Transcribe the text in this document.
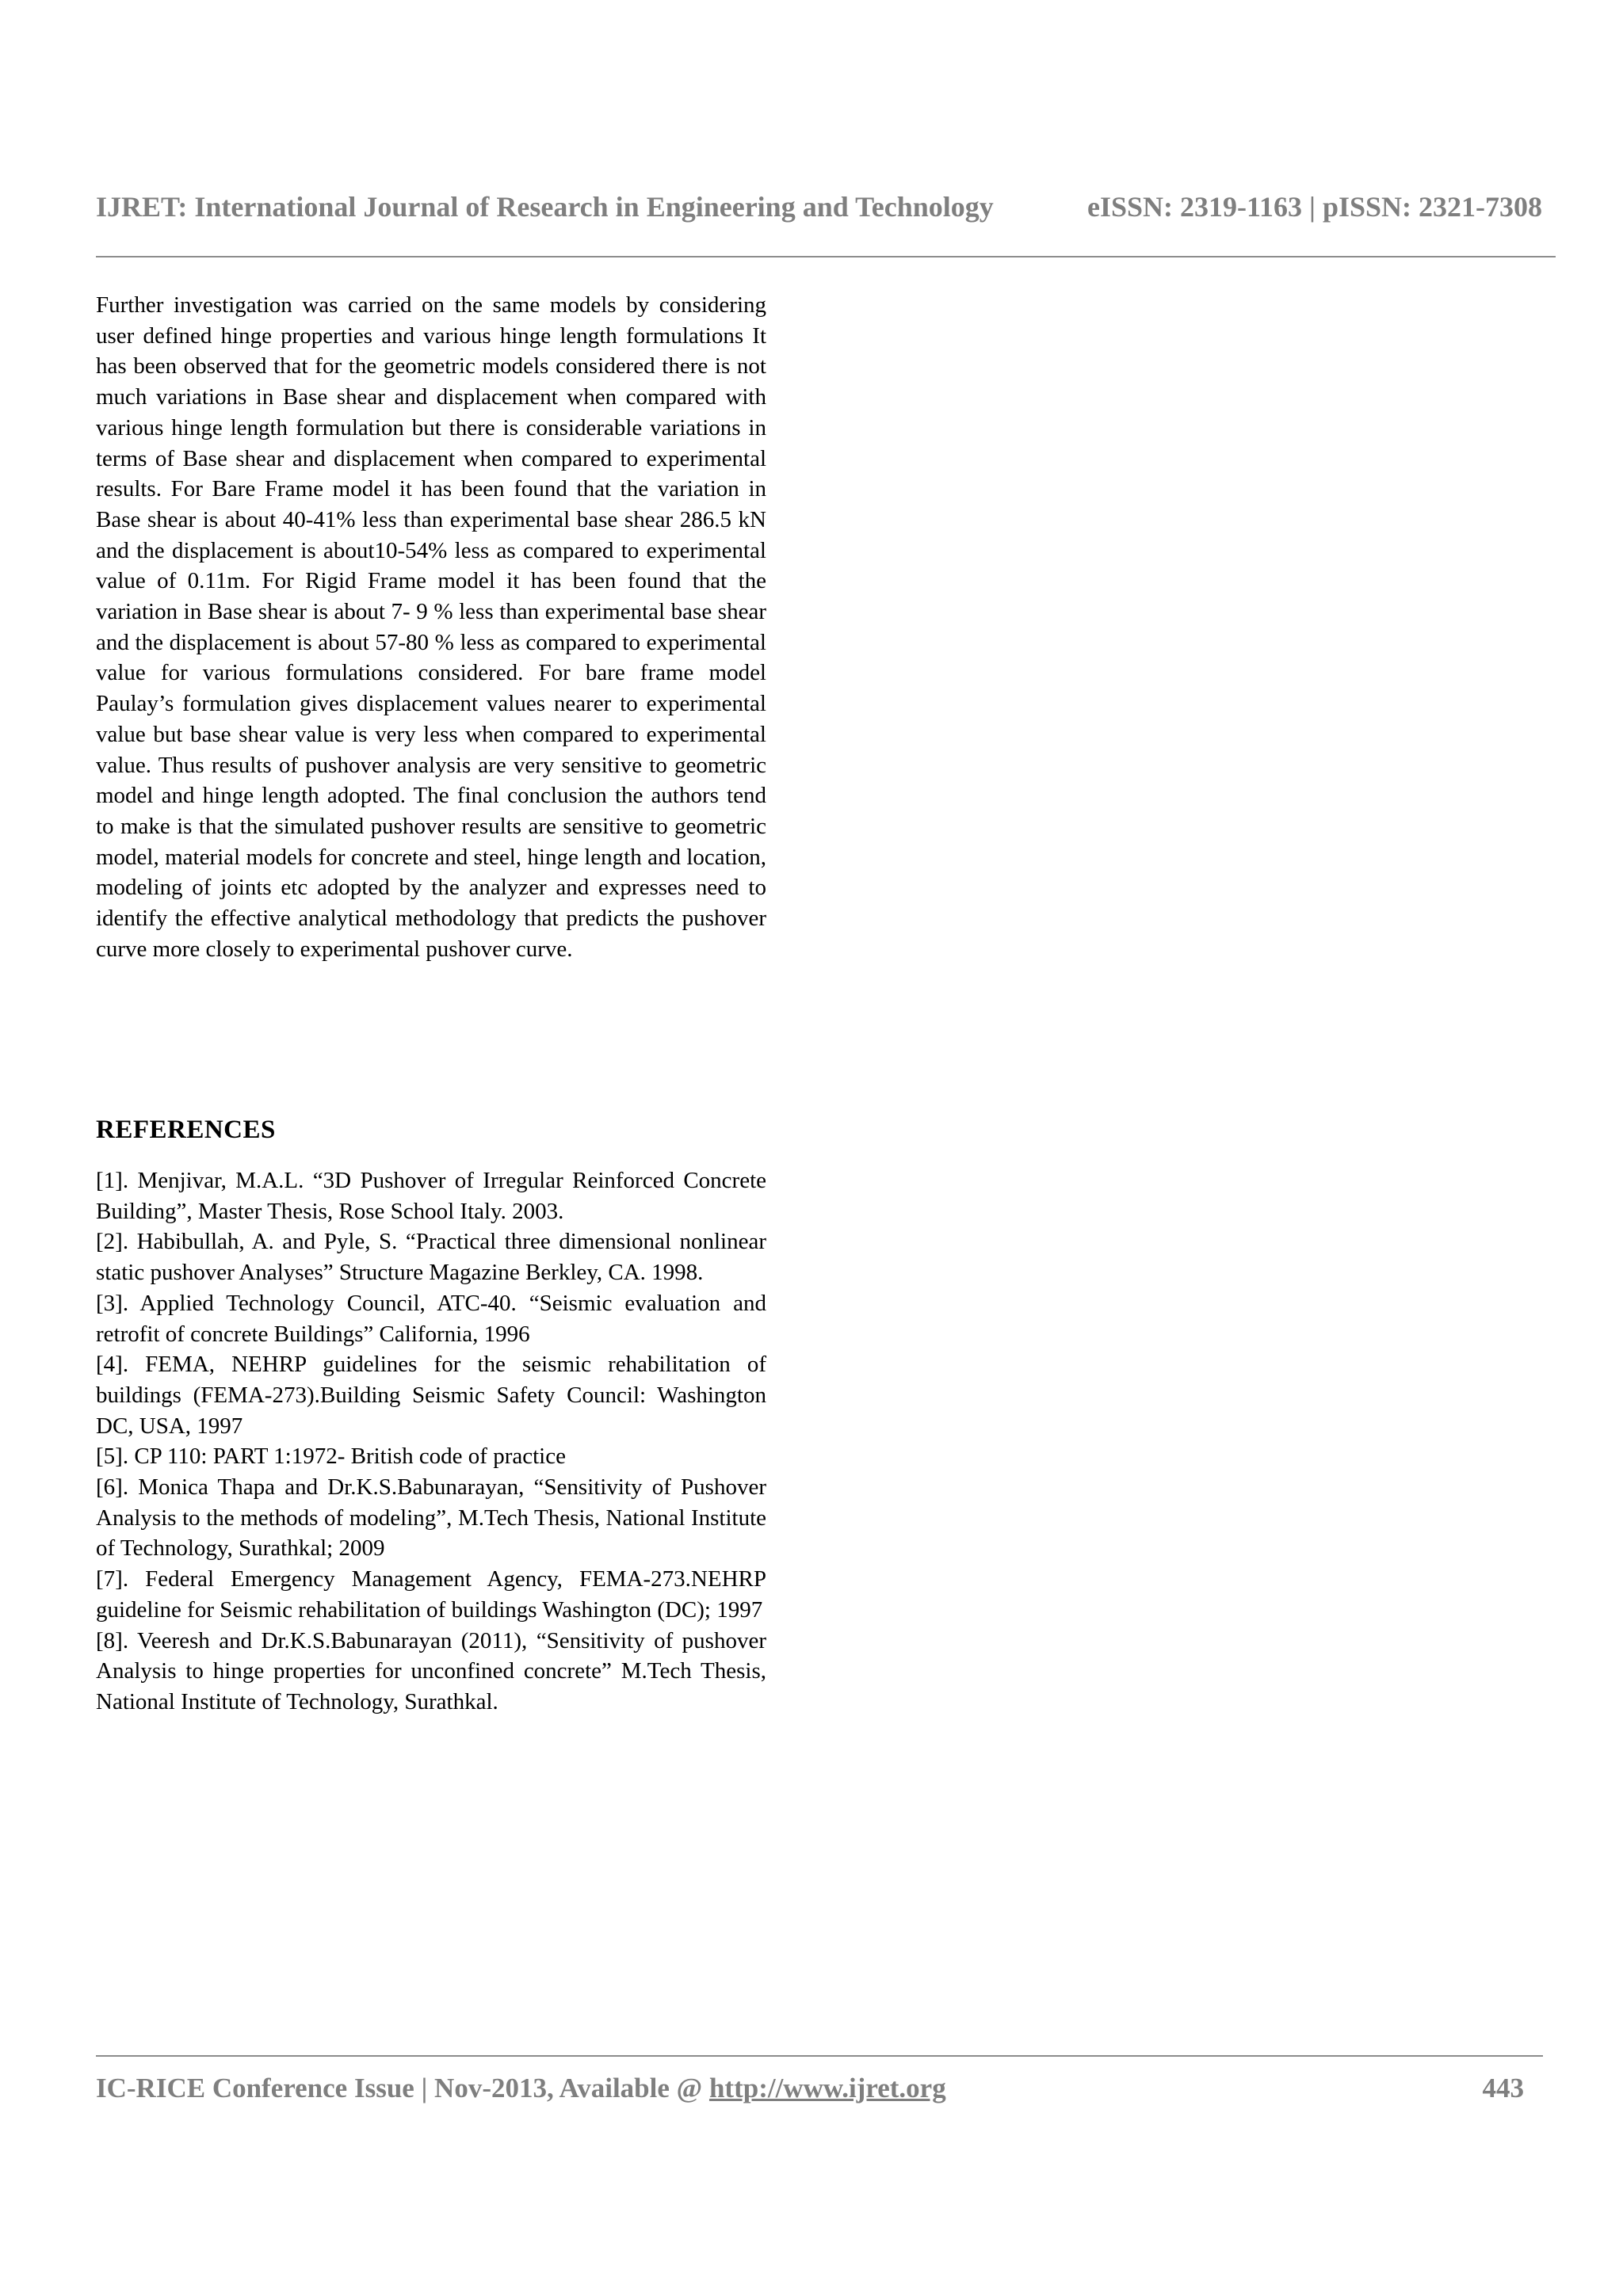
IJRET: International Journal of Research in Engineering and Technology	eISSN: 2319-1163 | pISSN: 2321-7308

Further investigation was carried on the same models by considering user defined hinge properties and various hinge length formulations It has been observed that for the geometric models considered there is not much variations in Base shear and displacement when compared with various hinge length formulation but there is considerable variations in terms of Base shear and displacement when compared to experimental results. For Bare Frame model it has been found that the variation in Base shear is about 40-41% less than experimental base shear 286.5 kN and the displacement is about10-54% less as compared to experimental value of 0.11m. For Rigid Frame model it has been found that the variation in Base shear is about 7- 9 % less than experimental base shear and the displacement is about 57-80 % less as compared to experimental value for various formulations considered. For bare frame model Paulay’s formulation gives displacement values nearer to experimental value but base shear value is very less when compared to experimental value. Thus results of pushover analysis are very sensitive to geometric model and hinge length adopted. The final conclusion the authors tend to make is that the simulated pushover results are sensitive to geometric model, material models for concrete and steel, hinge length and location, modeling of joints etc adopted by the analyzer and expresses need to identify the effective analytical methodology that predicts the pushover curve more closely to experimental pushover curve.

REFERENCES
[1]. Menjivar, M.A.L. “3D Pushover of Irregular Reinforced Concrete Building”, Master Thesis, Rose School Italy. 2003.
[2]. Habibullah, A. and Pyle, S. “Practical three dimensional nonlinear static pushover Analyses” Structure Magazine Berkley, CA. 1998.
[3]. Applied Technology Council, ATC-40. “Seismic evaluation and retrofit of concrete Buildings” California, 1996
[4]. FEMA, NEHRP guidelines for the seismic rehabilitation of buildings (FEMA-273).Building Seismic Safety Council: Washington DC, USA, 1997
[5]. CP 110: PART 1:1972- British code of practice
[6]. Monica Thapa and Dr.K.S.Babunarayan, “Sensitivity of Pushover Analysis to the methods of modeling”, M.Tech Thesis, National Institute of Technology, Surathkal; 2009
[7]. Federal Emergency Management Agency, FEMA-273.NEHRP guideline for Seismic rehabilitation of buildings Washington (DC); 1997
[8]. Veeresh and Dr.K.S.Babunarayan (2011), “Sensitivity of pushover Analysis to hinge properties for unconfined concrete” M.Tech Thesis, National Institute of Technology, Surathkal.
IC-RICE Conference Issue | Nov-2013, Available @ http://www.ijret.org	443
